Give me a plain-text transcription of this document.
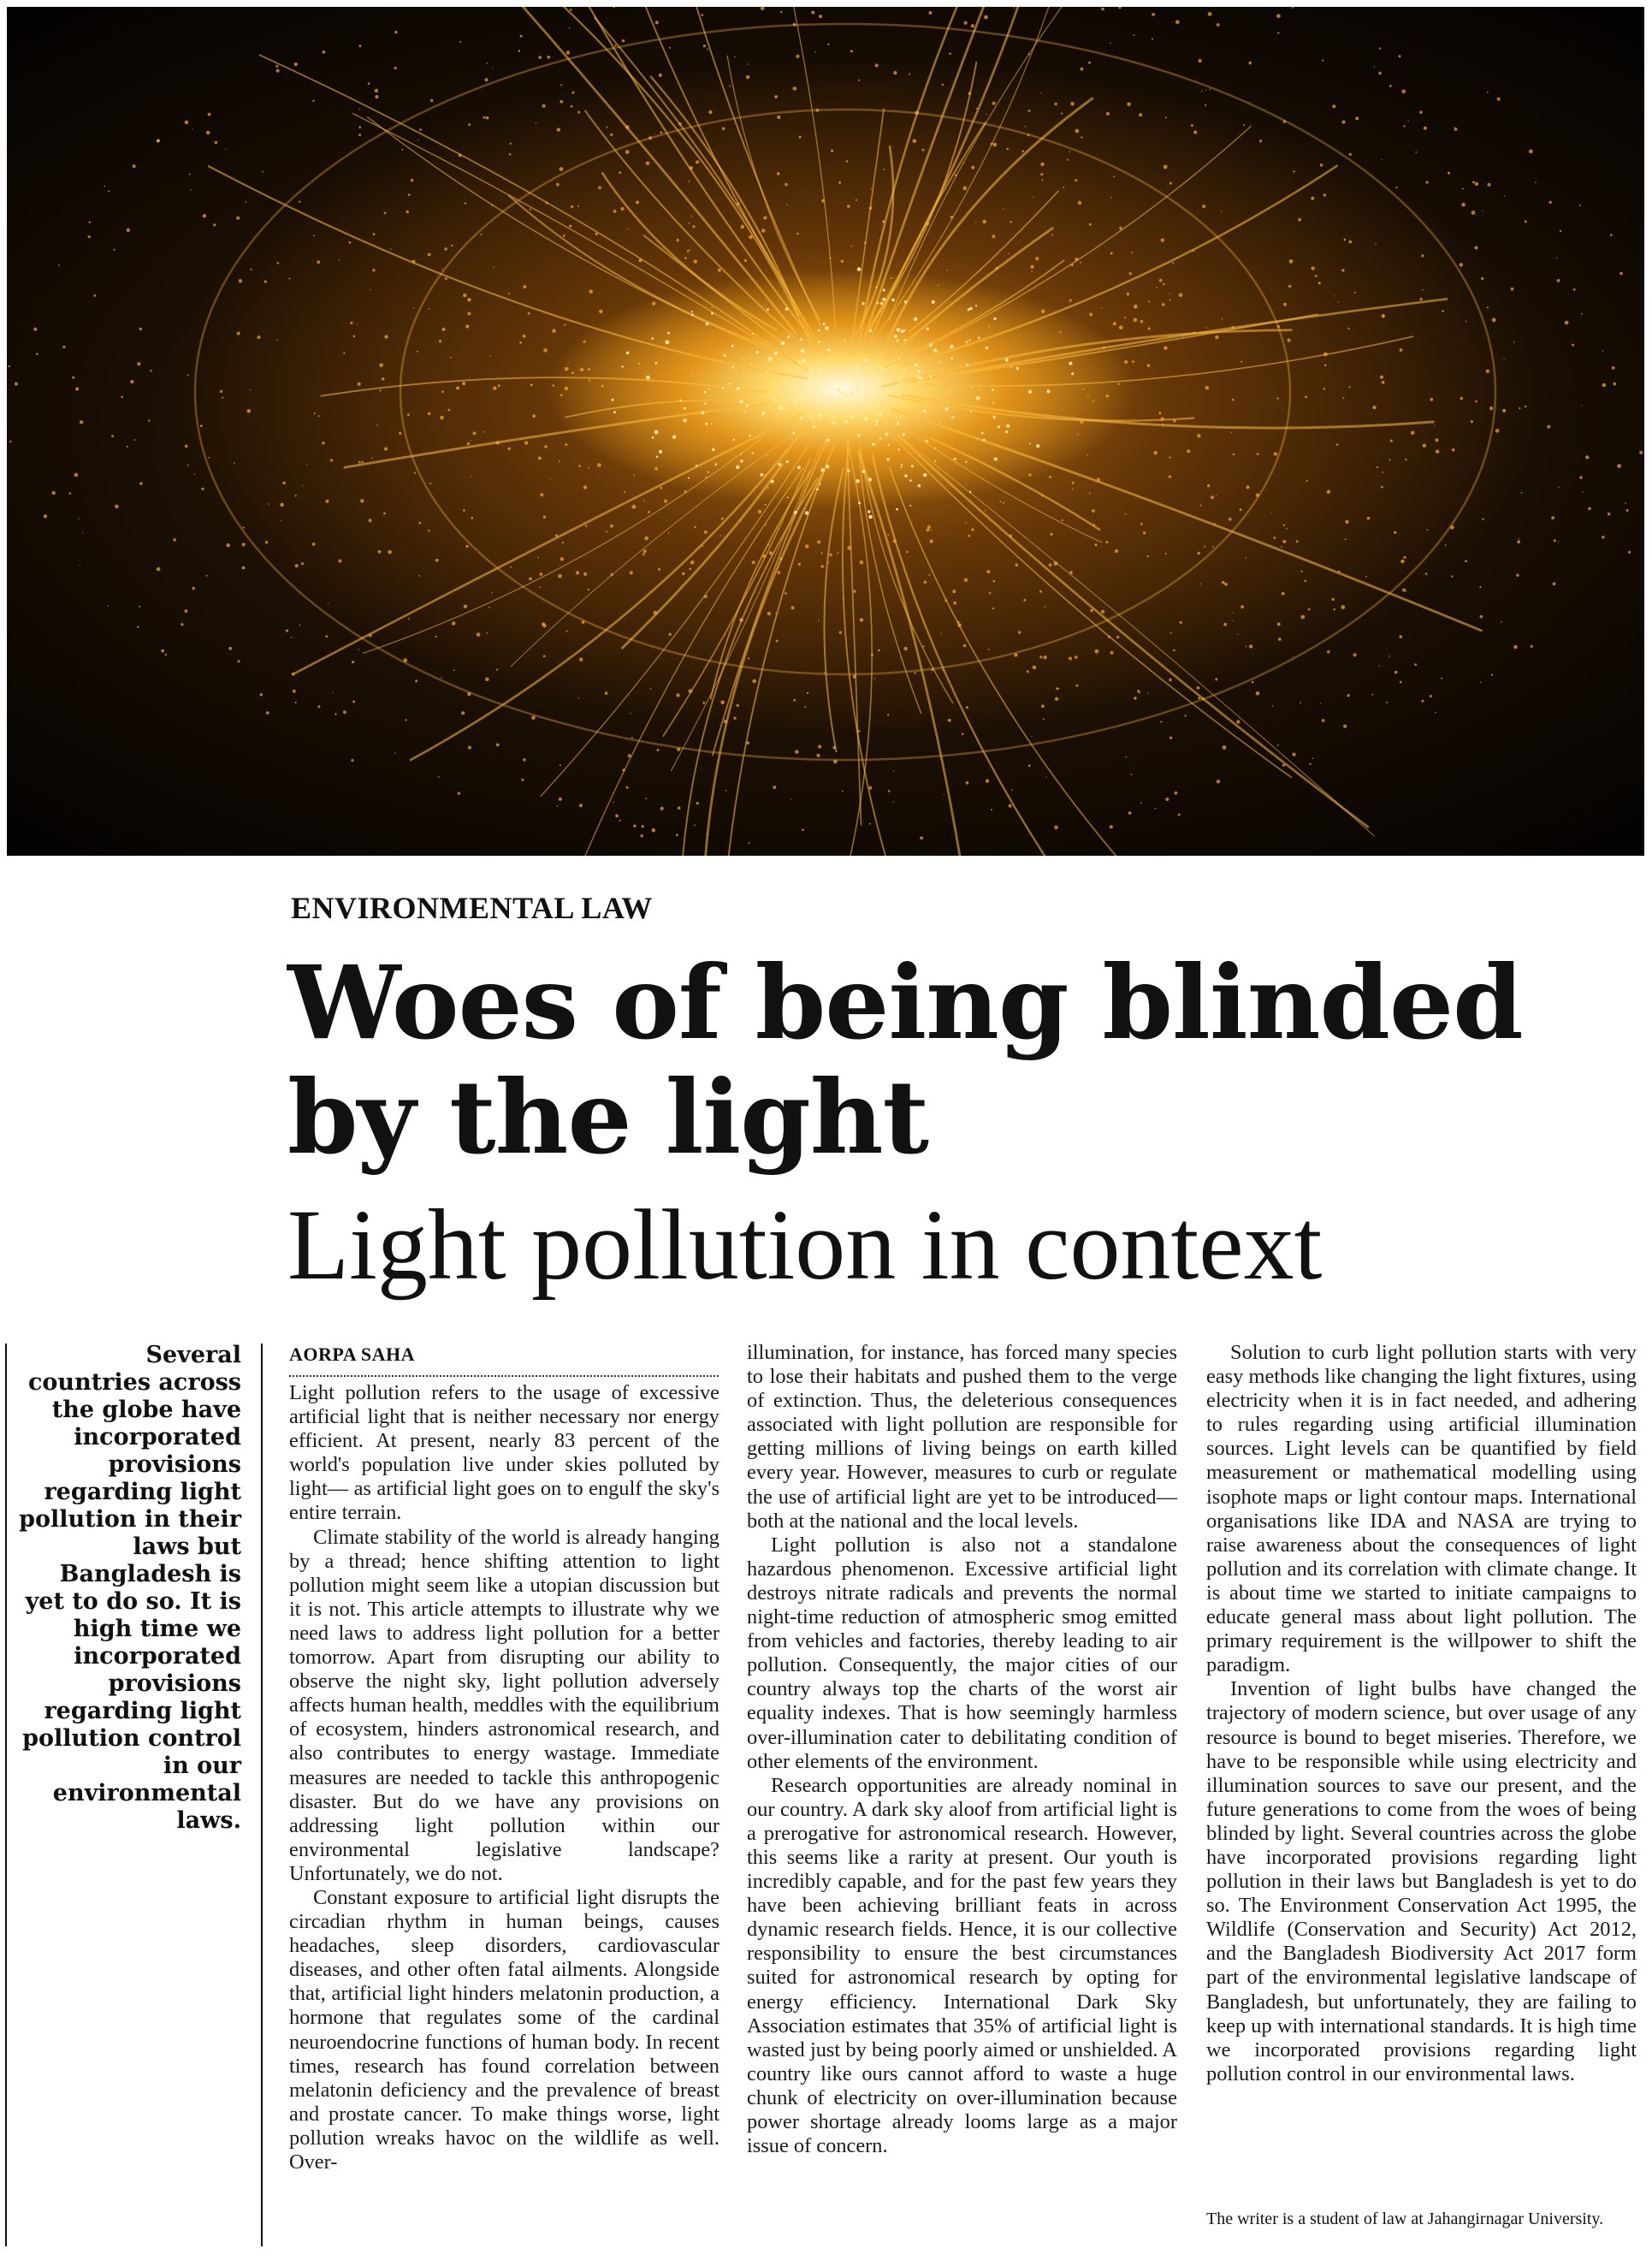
ENVIRONMENTAL LAW
Woes of being blinded by the light
Light pollution in context

Several countries across the globe have incorporated provisions regarding light pollution in their laws but Bangladesh is yet to do so. It is high time we incorporated provisions regarding light pollution control in our environmental laws.

AORPA SAHA

Light pollution refers to the usage of excessive artificial light that is neither necessary nor energy efficient. At present, nearly 83 percent of the world's population live under skies polluted by light— as artificial light goes on to engulf the sky's entire terrain.

Climate stability of the world is already hanging by a thread; hence shifting attention to light pollution might seem like a utopian discussion but it is not. This article attempts to illustrate why we need laws to address light pollution for a better tomorrow. Apart from disrupting our ability to observe the night sky, light pollution adversely affects human health, meddles with the equilibrium of ecosystem, hinders astronomical research, and also contributes to energy wastage. Immediate measures are needed to tackle this anthropogenic disaster. But do we have any provisions on addressing light pollution within our environmental legislative landscape? Unfortunately, we do not.

Constant exposure to artificial light disrupts the circadian rhythm in human beings, causes headaches, sleep disorders, cardiovascular diseases, and other often fatal ailments. Alongside that, artificial light hinders melatonin production, a hormone that regulates some of the cardinal neuroendocrine functions of human body. In recent times, research has found correlation between melatonin deficiency and the prevalence of breast and prostate cancer. To make things worse, light pollution wreaks havoc on the wildlife as well. Over-

illumination, for instance, has forced many species to lose their habitats and pushed them to the verge of extinction. Thus, the deleterious consequences associated with light pollution are responsible for getting millions of living beings on earth killed every year. However, measures to curb or regulate the use of artificial light are yet to be introduced— both at the national and the local levels.

Light pollution is also not a standalone hazardous phenomenon. Excessive artificial light destroys nitrate radicals and prevents the normal night-time reduction of atmospheric smog emitted from vehicles and factories, thereby leading to air pollution. Consequently, the major cities of our country always top the charts of the worst air equality indexes. That is how seemingly harmless over-illumination cater to debilitating condition of other elements of the environment.

Research opportunities are already nominal in our country. A dark sky aloof from artificial light is a prerogative for astronomical research. However, this seems like a rarity at present. Our youth is incredibly capable, and for the past few years they have been achieving brilliant feats in across dynamic research fields. Hence, it is our collective responsibility to ensure the best circumstances suited for astronomical research by opting for energy efficiency. International Dark Sky Association estimates that 35% of artificial light is wasted just by being poorly aimed or unshielded. A country like ours cannot afford to waste a huge chunk of electricity on over-illumination because power shortage already looms large as a major issue of concern.

Solution to curb light pollution starts with very easy methods like changing the light fixtures, using electricity when it is in fact needed, and adhering to rules regarding using artificial illumination sources. Light levels can be quantified by field measurement or mathematical modelling using isophote maps or light contour maps. International organisations like IDA and NASA are trying to raise awareness about the consequences of light pollution and its correlation with climate change. It is about time we started to initiate campaigns to educate general mass about light pollution. The primary requirement is the willpower to shift the paradigm.

Invention of light bulbs have changed the trajectory of modern science, but over usage of any resource is bound to beget miseries. Therefore, we have to be responsible while using electricity and illumination sources to save our present, and the future generations to come from the woes of being blinded by light. Several countries across the globe have incorporated provisions regarding light pollution in their laws but Bangladesh is yet to do so. The Environment Conservation Act 1995, the Wildlife (Conservation and Security) Act 2012, and the Bangladesh Biodiversity Act 2017 form part of the environmental legislative landscape of Bangladesh, but unfortunately, they are failing to keep up with international standards. It is high time we incorporated provisions regarding light pollution control in our environmental laws.

The writer is a student of law at Jahangirnagar University.
